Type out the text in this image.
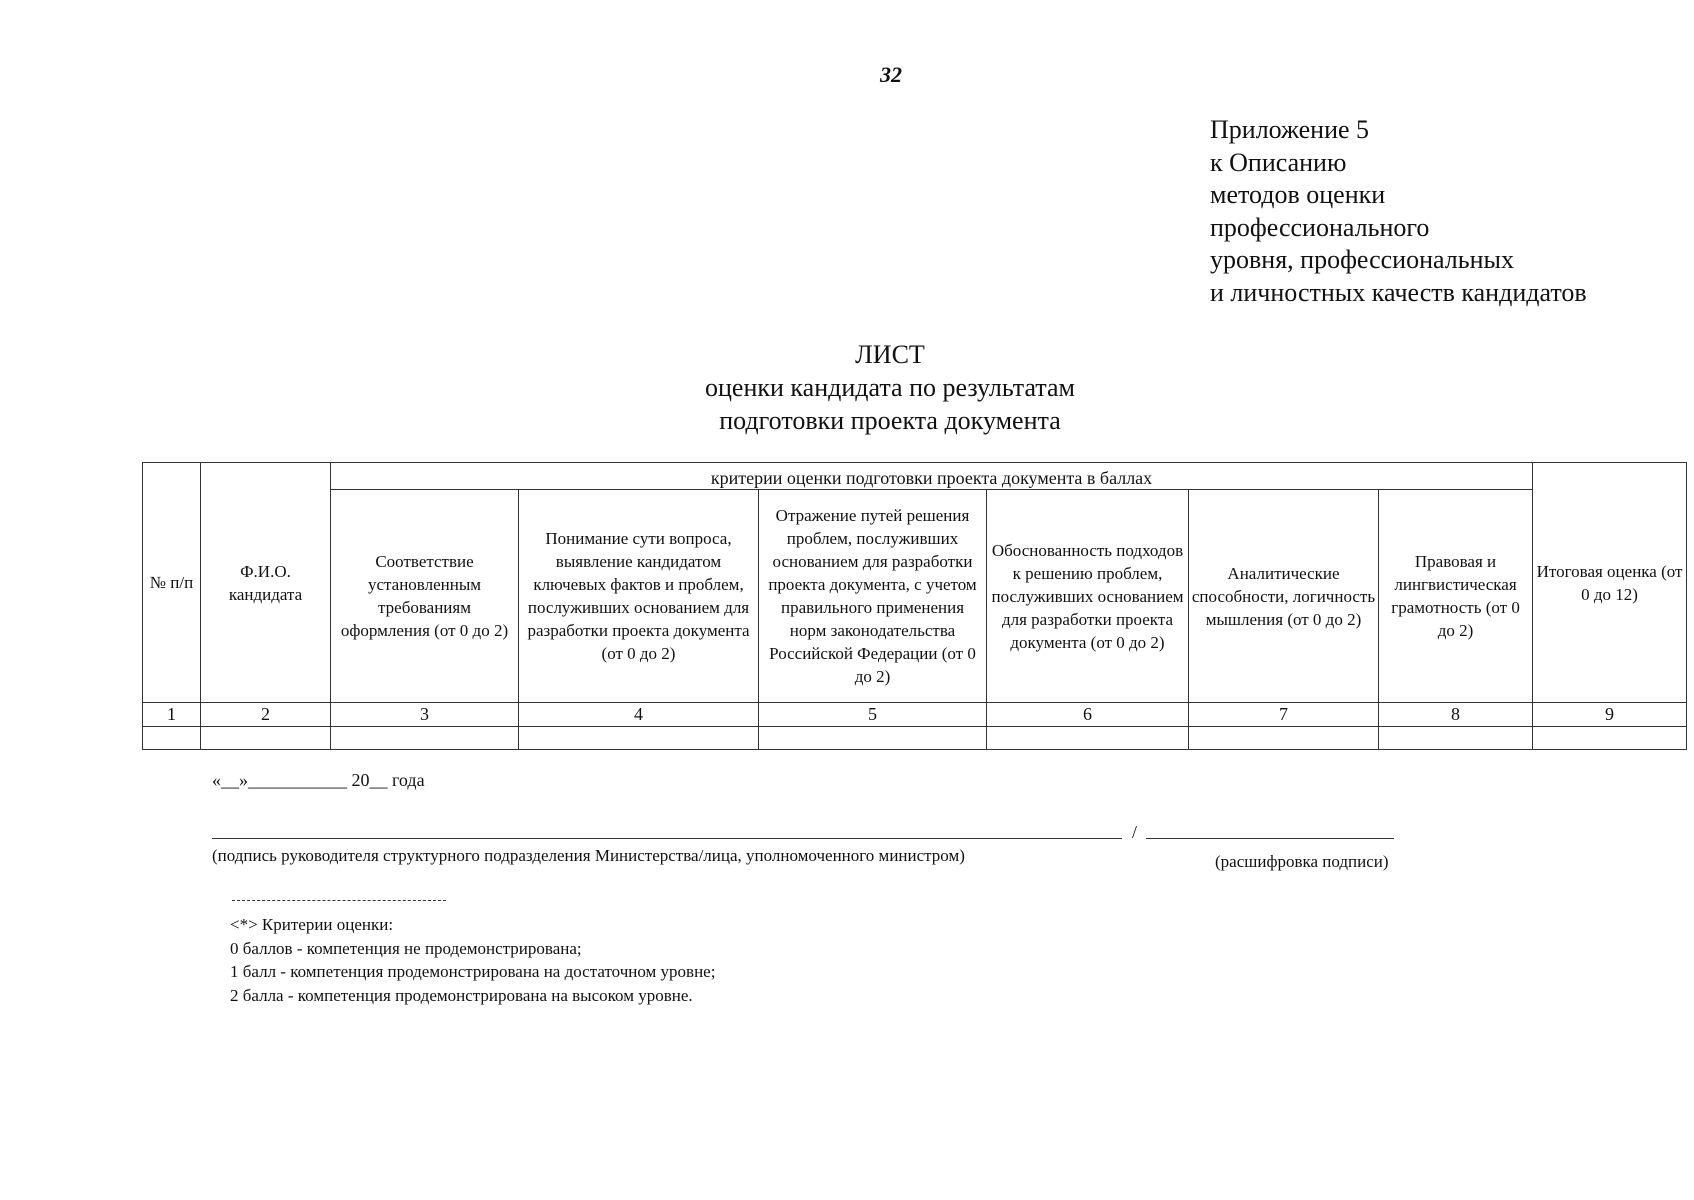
32
Приложение 5
к Описанию
методов оценки
профессионального
уровня, профессиональных
и личностных качеств кандидатов
ЛИСТ
оценки кандидата по результатам
подготовки проекта документа
№ п/п	Ф.И.О. кандидата	критерии оценки подготовки проекта документа в баллах						Итоговая оценка (от 0 до 12)
		Соответствие установленным требованиям оформления (от 0 до 2)	Понимание сути вопроса, выявление кандидатом ключевых фактов и проблем, послуживших основанием для разработки проекта документа (от 0 до 2)	Отражение путей решения проблем, послуживших основанием для разработки проекта документа, с учетом правильного применения норм законодательства Российской Федерации (от 0 до 2)	Обоснованность подходов к решению проблем, послуживших основанием для разработки проекта документа (от 0 до 2)	Аналитические способности, логичность мышления (от 0 до 2)	Правовая и лингвистическая грамотность (от 0 до 2)	
1	2	3	4	5	6	7	8	9

«__»___________ 20__ года
/
(подпись руководителя структурного подразделения Министерства/лица, уполномоченного министром)	(расшифровка подписи)
<*> Критерии оценки:
0 баллов - компетенция не продемонстрирована;
1 балл - компетенция продемонстрирована на достаточном уровне;
2 балла - компетенция продемонстрирована на высоком уровне.
